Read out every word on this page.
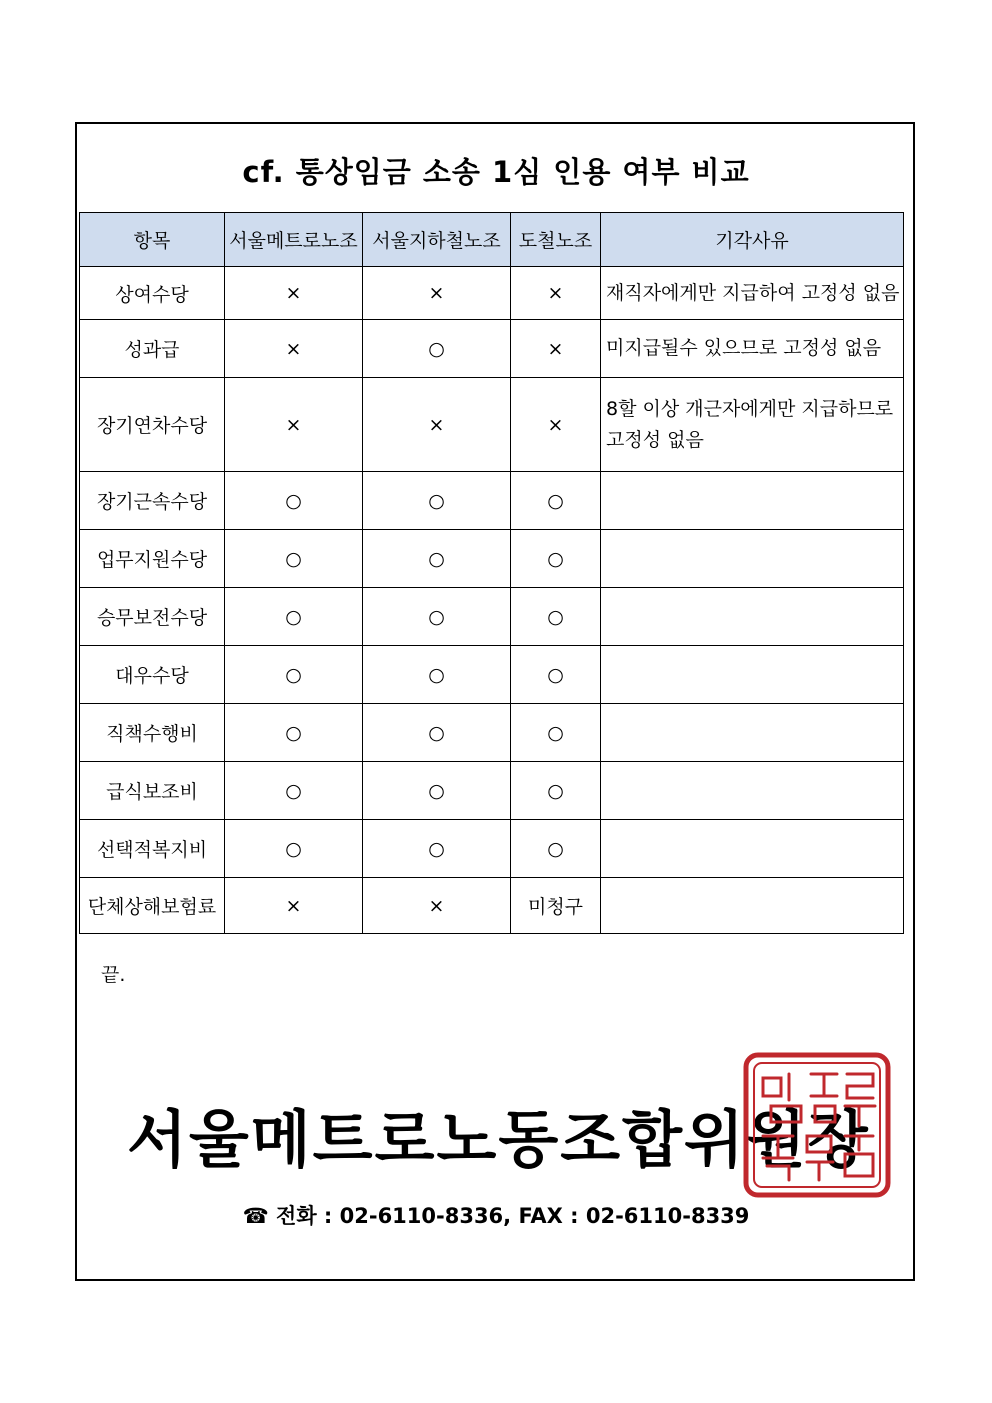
cf. 통상임금 소송 1심 인용 여부 비교
항목	서울메트로노조	서울지하철노조	도철노조	기각사유
상여수당	×	×	×	재직자에게만 지급하여 고정성 없음
성과급	×	○	×	미지급될수 있으므로 고정성 없음
장기연차수당	×	×	×	8할 이상 개근자에게만 지급하므로 고정성 없음
장기근속수당	○	○	○	
업무지원수당	○	○	○	
승무보전수당	○	○	○	
대우수당	○	○	○	
직책수행비	○	○	○	
급식보조비	○	○	○	
선택적복지비	○	○	○	
단체상해보험료	×	×	미청구	
끝.
서울메트로노동조합위원장
☎ 전화 : 02-6110-8336, FAX : 02-6110-8339
